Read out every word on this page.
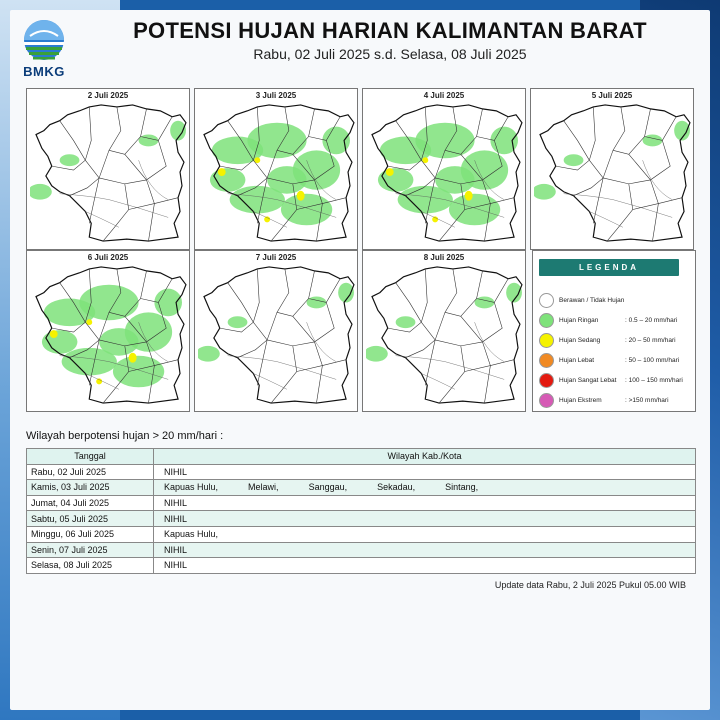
BMKG
POTENSI HUJAN HARIAN KALIMANTAN BARAT
Rabu, 02 Juli 2025 s.d. Selasa, 08 Juli 2025
2 Juli 2025	3 Juli 2025	4 Juli 2025	5 Juli 2025
6 Juli 2025	7 Juli 2025	8 Juli 2025
LEGENDA
Berawan / Tidak Hujan
Hujan Ringan	: 0.5 – 20 mm/hari
Hujan Sedang	: 20 – 50 mm/hari
Hujan Lebat	: 50 – 100 mm/hari
Hujan Sangat Lebat : 100 – 150 mm/hari
Hujan Ekstrem	: >150 mm/hari
Wilayah berpotensi hujan > 20 mm/hari :
Tanggal	Wilayah Kab./Kota
Rabu, 02 Juli 2025	NIHIL
Kamis, 03 Juli 2025	Kapuas Hulu, Melawi, Sanggau, Sekadau, Sintang,
Jumat, 04 Juli 2025	NIHIL
Sabtu, 05 Juli 2025	NIHIL
Minggu, 06 Juli 2025	Kapuas Hulu,
Senin, 07 Juli 2025	NIHIL
Selasa, 08 Juli 2025	NIHIL
Update data Rabu, 2 Juli 2025 Pukul 05.00 WIB
